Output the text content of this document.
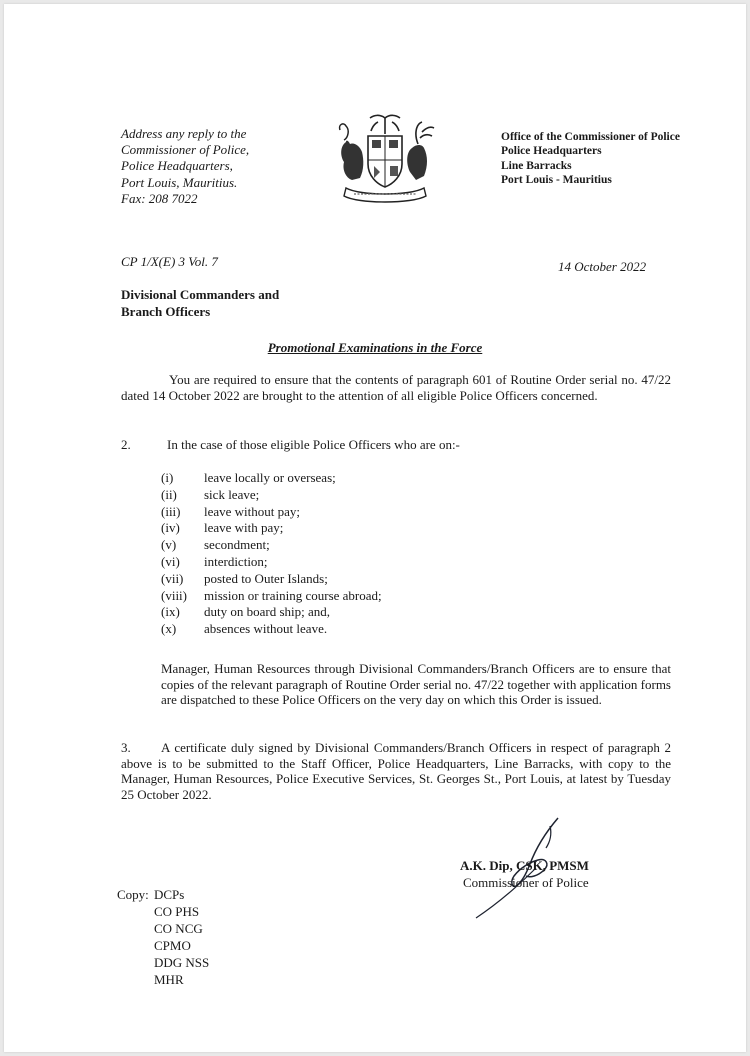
Address any reply to the
Commissioner of Police,
Police Headquarters,
Port Louis, Mauritius.
Fax: 208 7022
Office of the Commissioner of Police
Police Headquarters
Line Barracks
Port Louis - Mauritius
CP 1/X(E) 3 Vol. 7	14 October 2022
Divisional Commanders and
Branch Officers
Promotional Examinations in the Force

You are required to ensure that the contents of paragraph 601 of Routine Order serial no. 47/22 dated 14 October 2022 are brought to the attention of all eligible Police Officers concerned.

2.	In the case of those eligible Police Officers who are on:-
(i)	leave locally or overseas;
(ii)	sick leave;
(iii)	leave without pay;
(iv)	leave with pay;
(v)	secondment;
(vi)	interdiction;
(vii)	posted to Outer Islands;
(viii)	mission or training course abroad;
(ix)	duty on board ship; and,
(x)	absences without leave.

Manager, Human Resources through Divisional Commanders/Branch Officers are to ensure that copies of the relevant paragraph of Routine Order serial no. 47/22 together with application forms are dispatched to these Police Officers on the very day on which this Order is issued.

3.	A certificate duly signed by Divisional Commanders/Branch Officers in respect of paragraph 2 above is to be submitted to the Staff Officer, Police Headquarters, Line Barracks, with copy to the Manager, Human Resources, Police Executive Services, St. Georges St., Port Louis, at latest by Tuesday 25 October 2022.

A.K. Dip, CSK, PMSM
Commissioner of Police
Copy: DCPs
CO PHS
CO NCG
CPMO
DDG NSS
MHR
